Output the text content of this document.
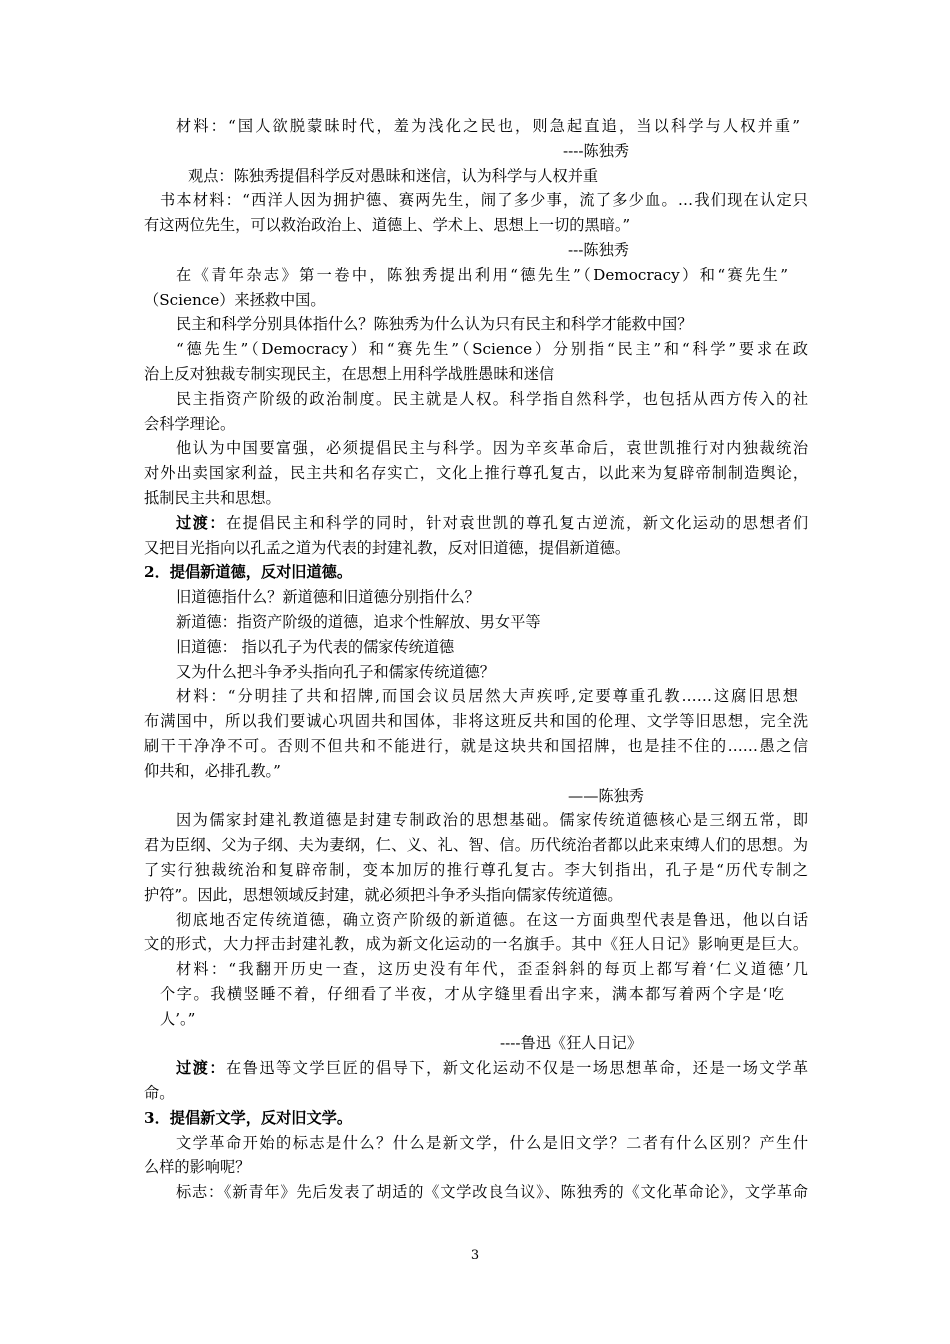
材料：“国人欲脱蒙昧时代，羞为浅化之民也，则急起直追，当以科学与人权并重”
----陈独秀
观点：陈独秀提倡科学反对愚昧和迷信，认为科学与人权并重
书本材料：“西洋人因为拥护德、赛两先生，闹了多少事，流了多少血。…我们现在认定只
有这两位先生，可以救治政治上、道德上、学术上、思想上一切的黑暗。”
---陈独秀
在《青年杂志》第一卷中，陈独秀提出利用“德先生”（Democracy）和“赛先生”
（Science）来拯救中国。
民主和科学分别具体指什么？陈独秀为什么认为只有民主和科学才能救中国？
“德先生”（Democracy）和“赛先生”（Science）分别指“民主”和“科学”要求在政
治上反对独裁专制实现民主，在思想上用科学战胜愚昧和迷信
民主指资产阶级的政治制度。民主就是人权。科学指自然科学，也包括从西方传入的社
会科学理论。
他认为中国要富强，必须提倡民主与科学。因为辛亥革命后，袁世凯推行对内独裁统治
对外出卖国家利益，民主共和名存实亡，文化上推行尊孔复古，以此来为复辟帝制制造舆论，
抵制民主共和思想。
过渡：在提倡民主和科学的同时，针对袁世凯的尊孔复古逆流，新文化运动的思想者们
又把目光指向以孔孟之道为代表的封建礼教，反对旧道德，提倡新道德。
2．提倡新道德，反对旧道德。
旧道德指什么？新道德和旧道德分别指什么？
新道德：指资产阶级的道德，追求个性解放、男女平等
旧道德： 指以孔子为代表的儒家传统道德
又为什么把斗争矛头指向孔子和儒家传统道德？
材料：“分明挂了共和招牌,而国会议员居然大声疾呼,定要尊重孔教……这腐旧思想
布满国中，所以我们要诚心巩固共和国体，非将这班反共和国的伦理、文学等旧思想，完全洗
刷干干净净不可。否则不但共和不能进行，就是这块共和国招牌，也是挂不住的……愚之信
仰共和，必排孔教。”
——陈独秀
因为儒家封建礼教道德是封建专制政治的思想基础。儒家传统道德核心是三纲五常，即
君为臣纲、父为子纲、夫为妻纲，仁、义、礼、智、信。历代统治者都以此来束缚人们的思想。为
了实行独裁统治和复辟帝制，变本加厉的推行尊孔复古。李大钊指出，孔子是“历代专制之
护符”。因此，思想领域反封建，就必须把斗争矛头指向儒家传统道德。
彻底地否定传统道德，确立资产阶级的新道德。在这一方面典型代表是鲁迅，他以白话
文的形式，大力抨击封建礼教，成为新文化运动的一名旗手。其中《狂人日记》影响更是巨大。
材料：“我翻开历史一查，这历史没有年代，歪歪斜斜的每页上都写着‘仁义道德’几
个字。我横竖睡不着，仔细看了半夜，才从字缝里看出字来，满本都写着两个字是‘吃
人’。”
----鲁迅《狂人日记》
过渡：在鲁迅等文学巨匠的倡导下，新文化运动不仅是一场思想革命，还是一场文学革
命。
3．提倡新文学，反对旧文学。
文学革命开始的标志是什么？什么是新文学，什么是旧文学？二者有什么区别？产生什
么样的影响呢？
标志：《新青年》先后发表了胡适的《文学改良刍议》、陈独秀的《文化革命论》，文学革命
3
